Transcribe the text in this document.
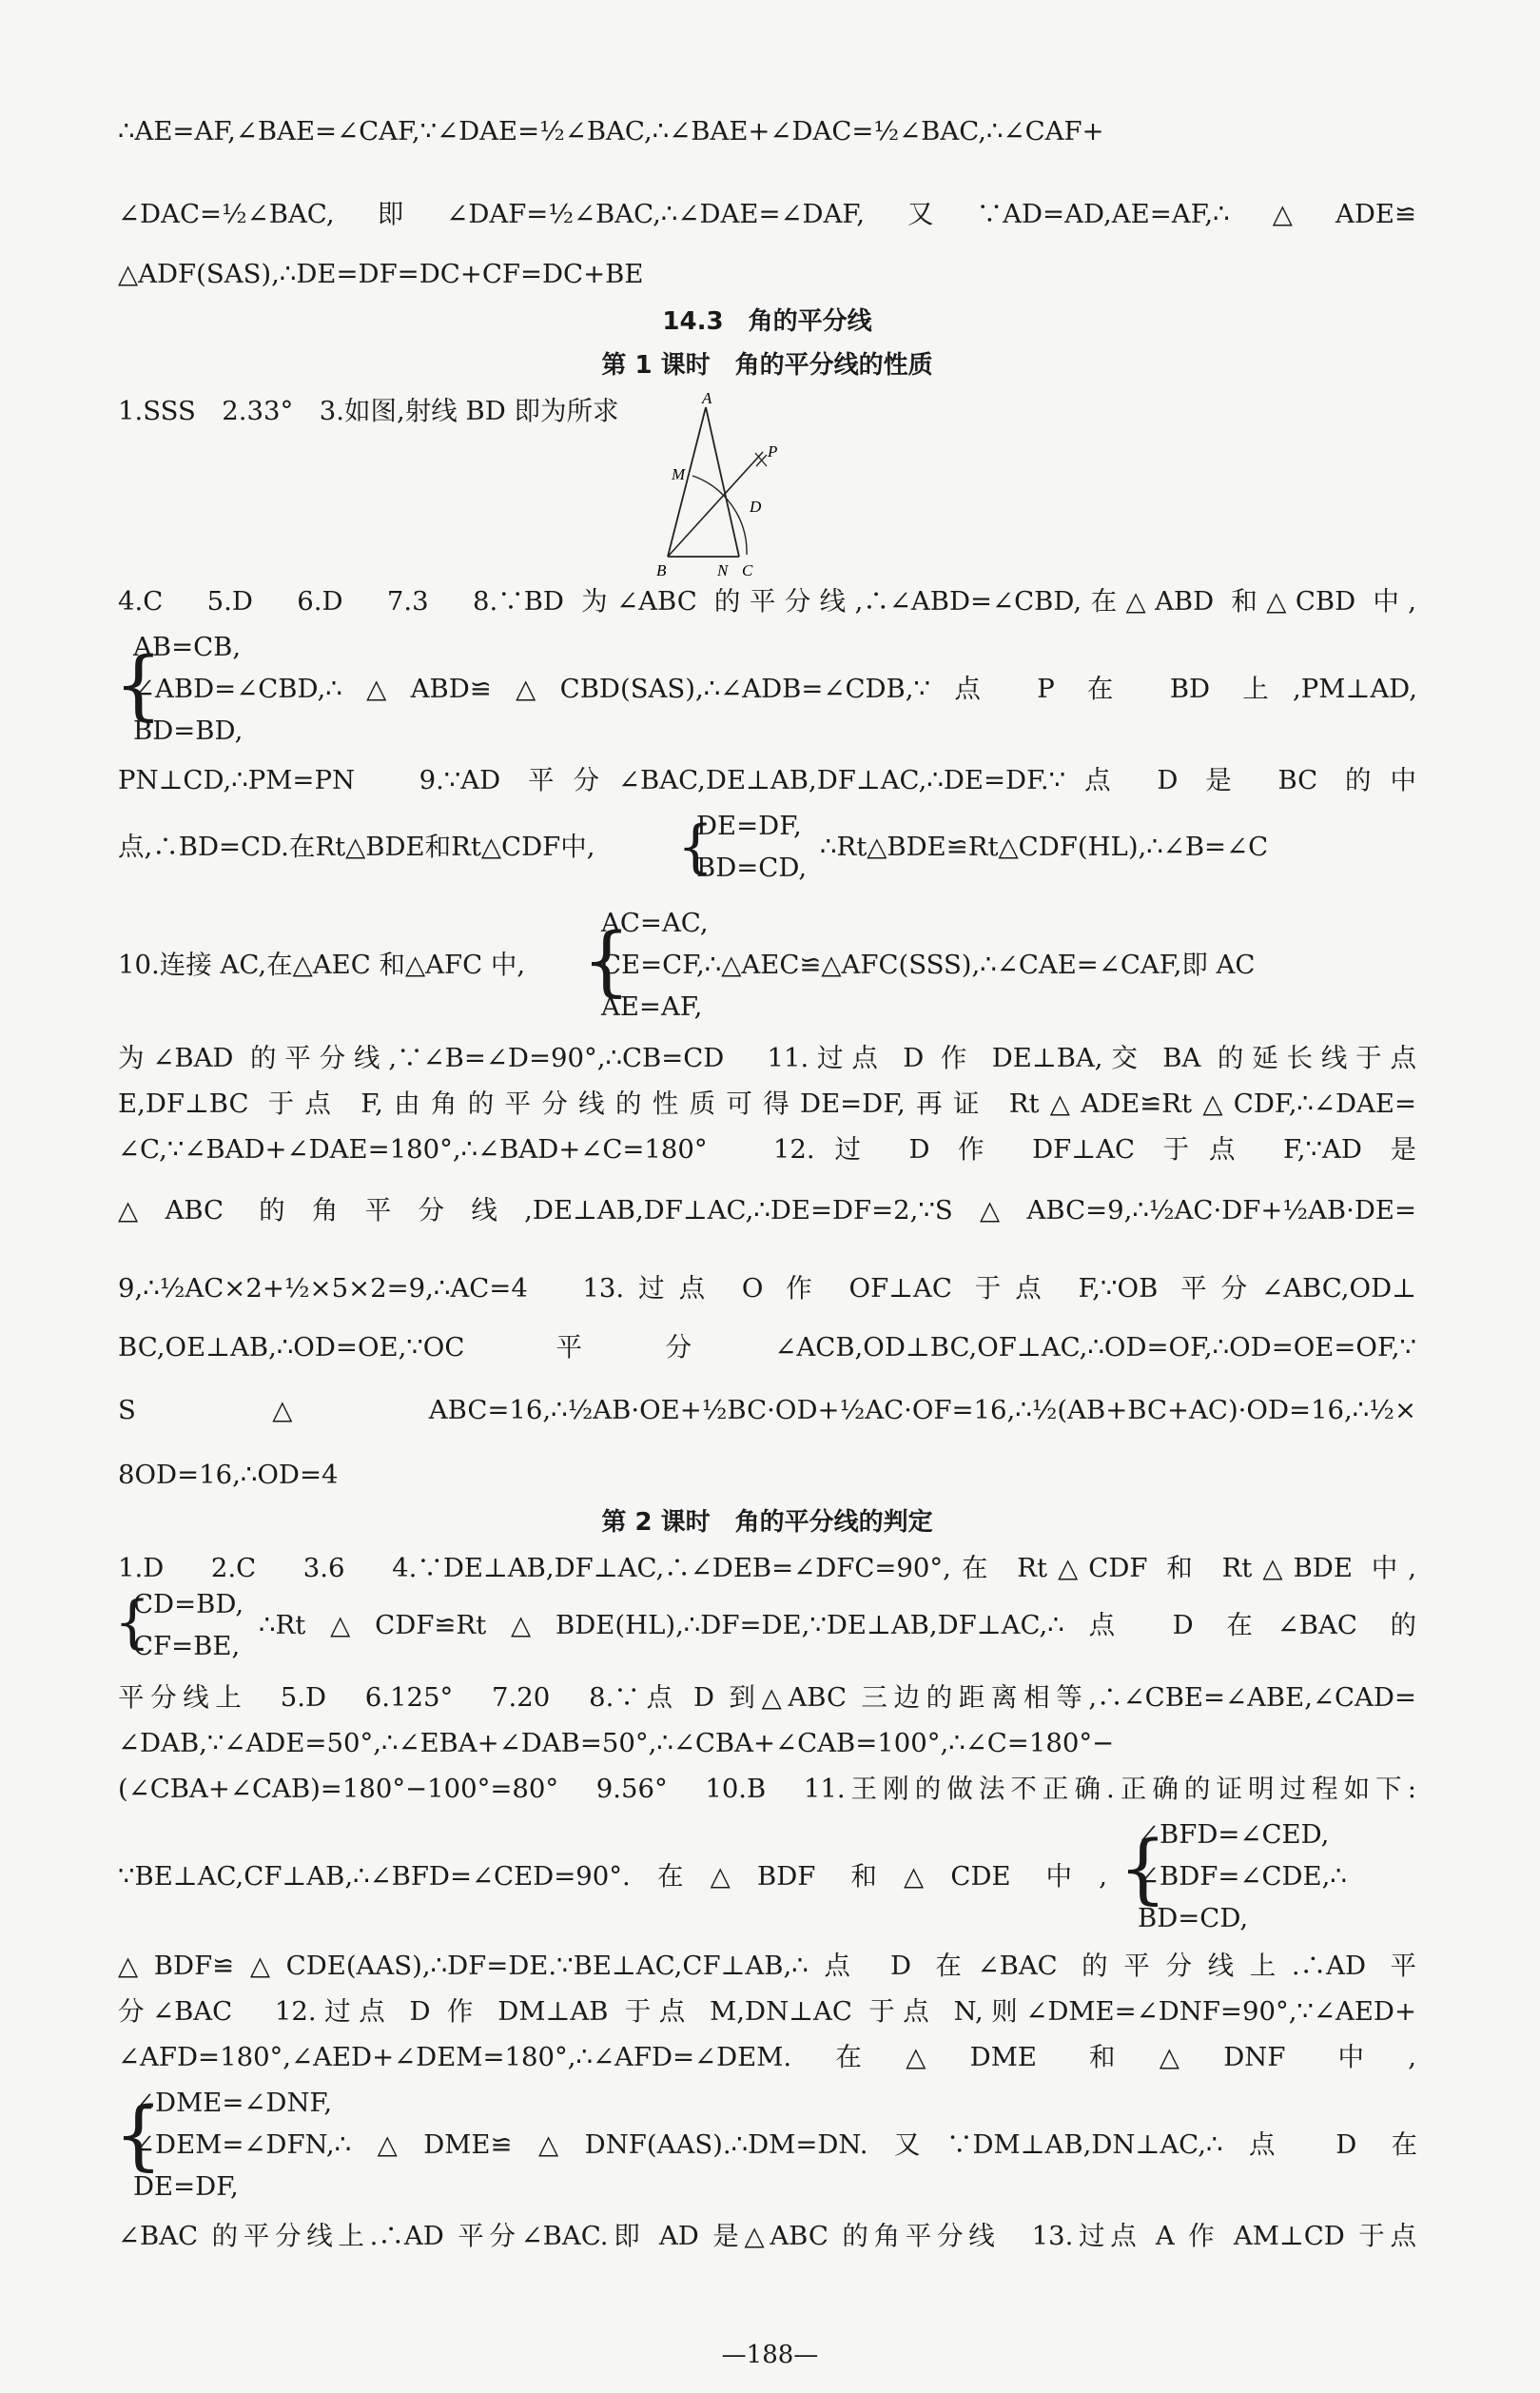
∴AE=AF,∠BAE=∠CAF,∵∠DAE=½∠BAC,∴∠BAE+∠DAC=½∠BAC,∴∠CAF+
∠DAC=½∠BAC,即∠DAF=½∠BAC,∴∠DAE=∠DAF,又∵AD=AD,AE=AF,∴△ADE≌
△ADF(SAS),∴DE=DF=DC+CF=DC+BE
14.3　角的平分线
第 1 课时　角的平分线的性质
1.SSS　2.33°　3.如图,射线 BD 即为所求	A
M
P
D
B	N C
4.C　5.D　6.D　7.3　8.∵BD 为∠ABC 的平分线,∴∠ABD=∠CBD,在△ABD 和△CBD 中,
{
AB=CB,
∠ABD=∠CBD,∴△ABD≌△CBD(SAS),∴∠ADB=∠CDB,∵点 P 在 BD 上,PM⊥AD,
BD=BD,
PN⊥CD,∴PM=PN　9.∵AD 平分∠BAC,DE⊥AB,DF⊥AC,∴DE=DF.∵点 D 是 BC 的中
点,∴BD=CD.在Rt△BDE和Rt△CDF中,	{
DE=DF,
BD=CD,
∴Rt△BDE≌Rt△CDF(HL),∴∠B=∠C
10.连接 AC,在△AEC 和△AFC 中, {
AC=AC,
CE=CF,∴△AEC≌△AFC(SSS),∴∠CAE=∠CAF,即 AC
AE=AF,
为∠BAD 的平分线,∵∠B=∠D=90°,∴CB=CD　11.过点 D 作 DE⊥BA,交 BA 的延长线于点
E,DF⊥BC 于点 F,由角的平分线的性质可得DE=DF,再证 Rt△ADE≌Rt△CDF,∴∠DAE=
∠C,∵∠BAD+∠DAE=180°,∴∠BAD+∠C=180°　12.过 D 作 DF⊥AC 于点 F,∵AD 是
△ABC 的角平分线,DE⊥AB,DF⊥AC,∴DE=DF=2,∵S△ABC=9,∴½AC·DF+½AB·DE=
9,∴½AC×2+½×5×2=9,∴AC=4　13.过点 O 作 OF⊥AC 于点 F,∵OB 平分∠ABC,OD⊥
BC,OE⊥AB,∴OD=OE,∵OC 平分∠ACB,OD⊥BC,OF⊥AC,∴OD=OF,∴OD=OE=OF,∵
S△ABC=16,∴½AB·OE+½BC·OD+½AC·OF=16,∴½(AB+BC+AC)·OD=16,∴½×
8OD=16,∴OD=4
第 2 课时　角的平分线的判定
1.D　2.C　3.6　4.∵DE⊥AB,DF⊥AC,∴∠DEB=∠DFC=90°,在 Rt△CDF 和 Rt△BDE 中,
{
CD=BD,
CF=BE,
∴Rt△CDF≌Rt△BDE(HL),∴DF=DE,∵DE⊥AB,DF⊥AC,∴点 D 在∠BAC 的
平分线上　5.D　6.125°　7.20　8.∵点 D 到△ABC 三边的距离相等,∴∠CBE=∠ABE,∠CAD=
∠DAB,∵∠ADE=50°,∴∠EBA+∠DAB=50°,∴∠CBA+∠CAB=100°,∴∠C=180°−
(∠CBA+∠CAB)=180°−100°=80°　9.56°　10.B　11.王刚的做法不正确.正确的证明过程如下:
∵BE⊥AC,CF⊥AB,∴∠BFD=∠CED=90°.在△BDF 和△CDE 中, {
∠BFD=∠CED,
∠BDF=∠CDE,∴
BD=CD,
△BDF≌△CDE(AAS),∴DF=DE.∵BE⊥AC,CF⊥AB,∴点 D 在∠BAC 的平分线上.∴AD 平
分∠BAC　12.过点 D 作 DM⊥AB 于点 M,DN⊥AC 于点 N,则∠DME=∠DNF=90°,∵∠AED+
∠AFD=180°,∠AED+∠DEM=180°,∴∠AFD=∠DEM.在△DME 和△DNF 中,
{
∠DME=∠DNF,
∠DEM=∠DFN,∴△DME≌△DNF(AAS).∴DM=DN.又∵DM⊥AB,DN⊥AC,∴点 D 在
DE=DF,
∠BAC 的平分线上.∴AD 平分∠BAC.即 AD 是△ABC 的角平分线　13.过点 A 作 AM⊥CD 于点
—188—
